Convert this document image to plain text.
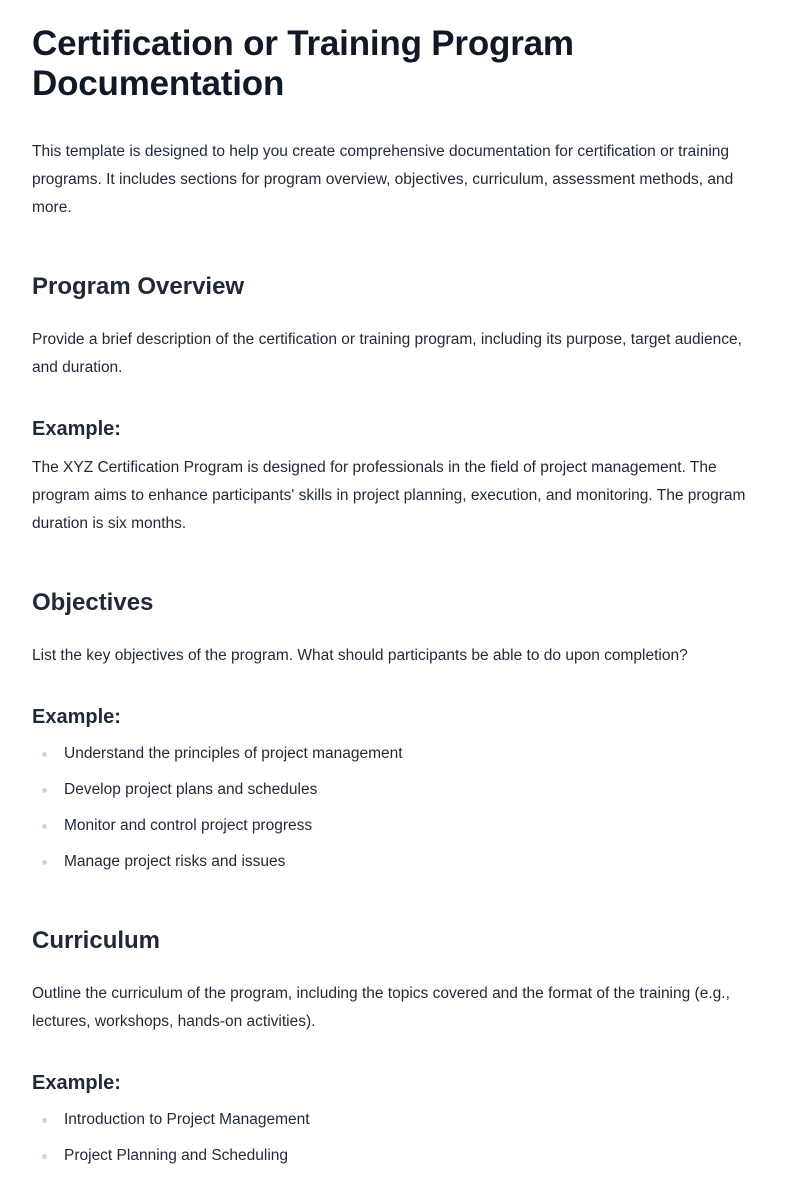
Certification or Training Program Documentation

This template is designed to help you create comprehensive documentation for certification or training programs. It includes sections for program overview, objectives, curriculum, assessment methods, and more.

Program Overview

Provide a brief description of the certification or training program, including its purpose, target audience, and duration.

Example:

The XYZ Certification Program is designed for professionals in the field of project management. The program aims to enhance participants' skills in project planning, execution, and monitoring. The program duration is six months.

Objectives

List the key objectives of the program. What should participants be able to do upon completion?

Example:
Understand the principles of project management
Develop project plans and schedules
Monitor and control project progress
Manage project risks and issues
Curriculum

Outline the curriculum of the program, including the topics covered and the format of the training (e.g., lectures, workshops, hands-on activities).

Example:
Introduction to Project Management
Project Planning and Scheduling
